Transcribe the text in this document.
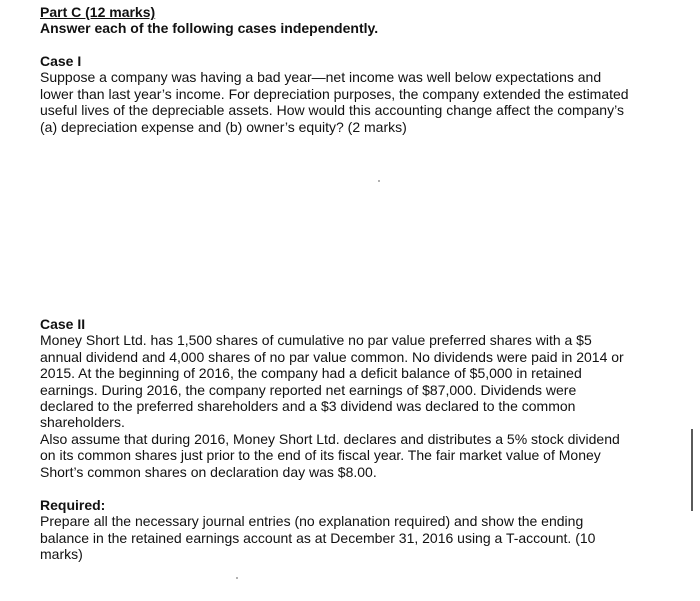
Part C (12 marks)
Answer each of the following cases independently.
Case I
Suppose a company was having a bad year—net income was well below expectations and
lower than last year’s income. For depreciation purposes, the company extended the estimated
useful lives of the depreciable assets. How would this accounting change affect the company’s
(a) depreciation expense and (b) owner’s equity? (2 marks)
Case II
Money Short Ltd. has 1,500 shares of cumulative no par value preferred shares with a $5
annual dividend and 4,000 shares of no par value common. No dividends were paid in 2014 or
2015. At the beginning of 2016, the company had a deficit balance of $5,000 in retained
earnings. During 2016, the company reported net earnings of $87,000. Dividends were
declared to the preferred shareholders and a $3 dividend was declared to the common
shareholders.
Also assume that during 2016, Money Short Ltd. declares and distributes a 5% stock dividend
on its common shares just prior to the end of its fiscal year. The fair market value of Money
Short’s common shares on declaration day was $8.00.
Required:
Prepare all the necessary journal entries (no explanation required) and show the ending
balance in the retained earnings account as at December 31, 2016 using a T-account. (10
marks)
